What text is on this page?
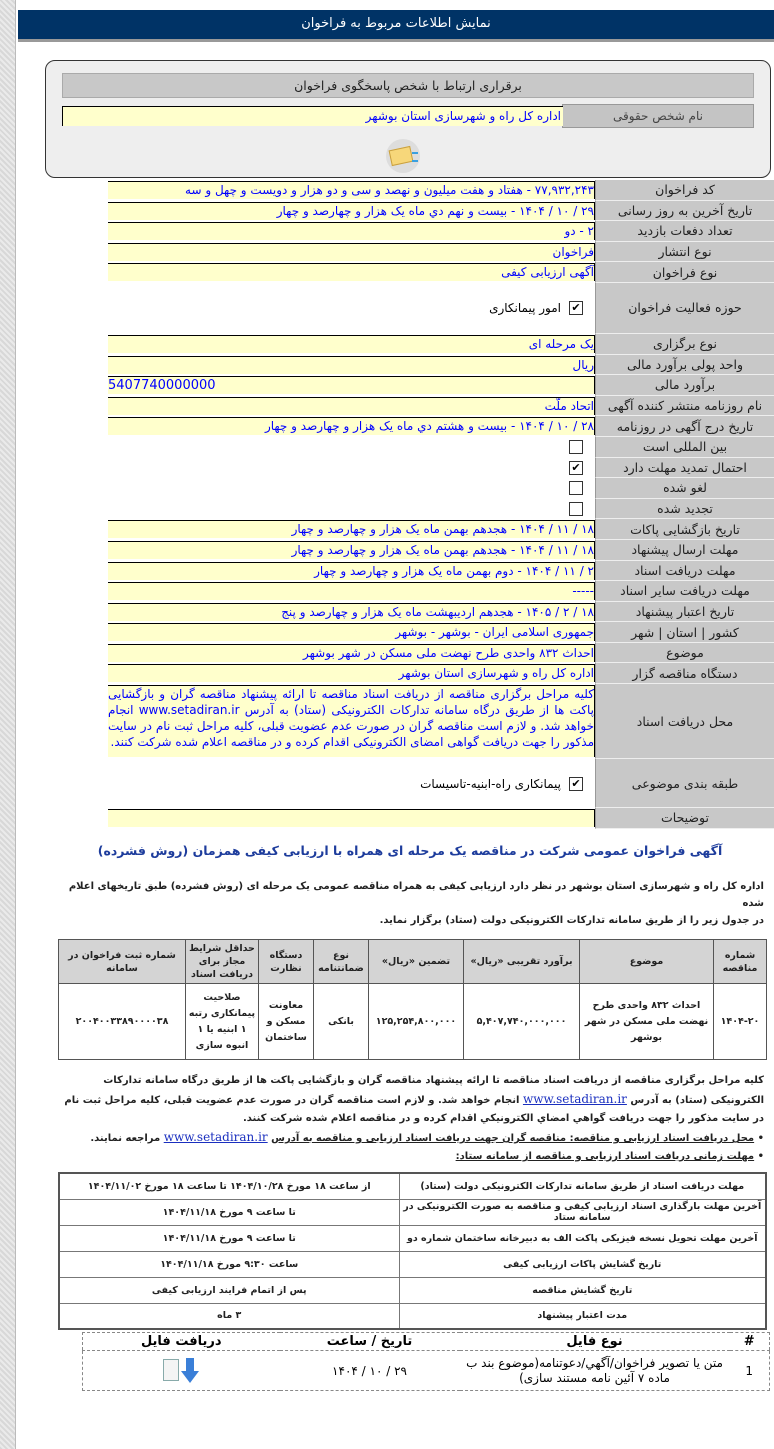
نمایش اطلاعات مربوط به فراخوان
برقراری ارتباط با شخص پاسخگوی فراخوان
نام شخص حقوقی
اداره کل راه و شهرسازی استان بوشهر
کد فراخوان	۷۷,۹۳۲,۲۴۳ - هفتاد و هفت میلیون و نهصد و سی و دو هزار و دویست و چهل و سه

تاریخ آخرین به روز رسانی	۲۹ / ۱۰ / ۱۴۰۴ - بیست و نهم دي ماه یک هزار و چهارصد و چهار

تعداد دفعات بازدید	۲ - دو

نوع انتشار	فراخوان

نوع فراخوان	آگهی ارزیابی کیفی

حوزه فعالیت فراخوان	✔
امور پیمانکاری

نوع برگزاری	یک مرحله ای

واحد پولی برآورد مالی	ریال

برآورد مالی	5407740000000

نام روزنامه منتشر کننده آگهی	اتحاد ملّت

تاریخ درج آگهی در روزنامه	۲۸ / ۱۰ / ۱۴۰۴ - بیست و هشتم دي ماه یک هزار و چهارصد و چهار

بین المللی است	

احتمال تمدید مهلت دارد	✔

لغو شده	

تجدید شده	

تاریخ بازگشایی پاکات	۱۸ / ۱۱ / ۱۴۰۴ - هجدهم بهمن ماه یک هزار و چهارصد و چهار

مهلت ارسال پیشنهاد	۱۸ / ۱۱ / ۱۴۰۴ - هجدهم بهمن ماه یک هزار و چهارصد و چهار

مهلت دریافت اسناد	۲ / ۱۱ / ۱۴۰۴ - دوم بهمن ماه یک هزار و چهارصد و چهار

مهلت دریافت سایر اسناد	-----

تاریخ اعتبار پیشنهاد	۱۸ / ۲ / ۱۴۰۵ - هجدهم اردیبهشت ماه یک هزار و چهارصد و پنج

کشور | استان | شهر	جمهوری اسلامی ایران - بوشهر - بوشهر

موضوع	احداث ۸۳۲ واحدی طرح نهضت ملی مسکن در شهر بوشهر

دستگاه مناقصه گزار	اداره کل راه و شهرسازی استان بوشهر

محل دریافت اسناد	کلیه مراحل برگزاری مناقصه از دریافت اسناد مناقصه تا ارائه پیشنهاد مناقصه گران و بازگشایی پاکت ها از طریق درگاه سامانه تدارکات الکترونیکی (ستاد) به آدرس www.setadiran.ir انجام خواهد شد. و لازم است مناقصه گران در صورت عدم عضویت قبلی، کلیه مراحل ثبت نام در سایت مذکور را جهت دریافت گواهی امضای الکترونیکی اقدام کرده و در مناقصه اعلام شده شرکت کنند.

طبقه بندی موضوعی	✔
پیمانکاری راه-ابنیه-تاسیسات

توضیحات	
آگهی فراخوان عمومی شرکت در مناقصه یک مرحله ای همراه با ارزیابی کیفی همزمان (روش فشرده)
اداره کل راه و شهرسازی استان بوشهر در نظر دارد ارزیابی کیفی به همراه مناقصه عمومی یک مرحله ای (روش فشرده) طبق تاریخهای اعلام شده
در جدول زیر را از طریق سامانه تدارکات الکترونیکی دولت (ستاد) برگزار نماید.
شماره مناقصه	موضوع	برآورد تقریبی «ریال»	تضمین «ریال»	نوع ضمانتنامه	دستگاه نظارت	حداقل شرایط مجاز برای دریافت اسناد	شماره ثبت فراخوان در سامانه
۱۴۰۴-۲۰	احداث ۸۳۲ واحدی طرح نهضت ملی مسکن در شهر بوشهر	۵,۴۰۷,۷۴۰,۰۰۰,۰۰۰	۱۲۵,۲۵۴,۸۰۰,۰۰۰	بانکی	معاونت مسکن و ساختمان	صلاحیت پیمانکاری رتبه ۱ ابنیه یا ۱ انبوه سازی	۲۰۰۴۰۰۳۳۸۹۰۰۰۰۳۸
کلیه مراحل برگزاری مناقصه از دریافت اسناد مناقصه تا ارائه پیشنهاد مناقصه گران و بازگشایی پاکت ها از طریق درگاه سامانه تدارکات الکترونیکی (ستاد) به آدرس www.setadiran.ir انجام خواهد شد. و لازم است مناقصه گران در صورت عدم عضویت قبلی، کلیه مراحل ثبت نام در سایت مذکور را جهت دریافت گواهي امضاي الکترونیکي اقدام کرده و در مناقصه اعلام شده شرکت کنند.
• محل دریافت اسناد ارزیابی و مناقصه: مناقصه گران جهت دریافت اسناد ارزیابی و مناقصه به آدرس www.setadiran.ir مراجعه نمایند.
• مهلت زمانی دریافت اسناد ارزیابی و مناقصه از سامانه ستاد:
مهلت دریافت اسناد از طریق سامانه تدارکات الکترونیکی دولت (ستاد)	از ساعت ۱۸ مورخ ۱۴۰۴/۱۰/۲۸ تا ساعت ۱۸ مورخ ۱۴۰۴/۱۱/۰۲
آخرین مهلت بارگذاری اسناد ارزیابی کیفی و مناقصه به صورت الکترونیکی در سامانه ستاد	تا ساعت ۹ مورخ ۱۴۰۴/۱۱/۱۸
آخرین مهلت تحویل نسخه فیزیکی پاکت الف به دبیرخانه ساختمان شماره دو	تا ساعت ۹ مورخ ۱۴۰۴/۱۱/۱۸
تاریخ گشایش پاکات ارزیابی کیفی	ساعت ۹:۳۰ مورخ ۱۴۰۴/۱۱/۱۸
تاریخ گشایش مناقصه	پس از اتمام فرایند ارزیابی کیفی
مدت اعتبار پیشنهاد	۳ ماه
#	نوع فایل	تاریخ / ساعت	دریافت فایل
1	متن یا تصویر فراخوان/آگهي/دعوتنامه(موضوع بند ب ماده ۷ آئین نامه مستند سازی)	۲۹ / ۱۰ / ۱۴۰۴	
